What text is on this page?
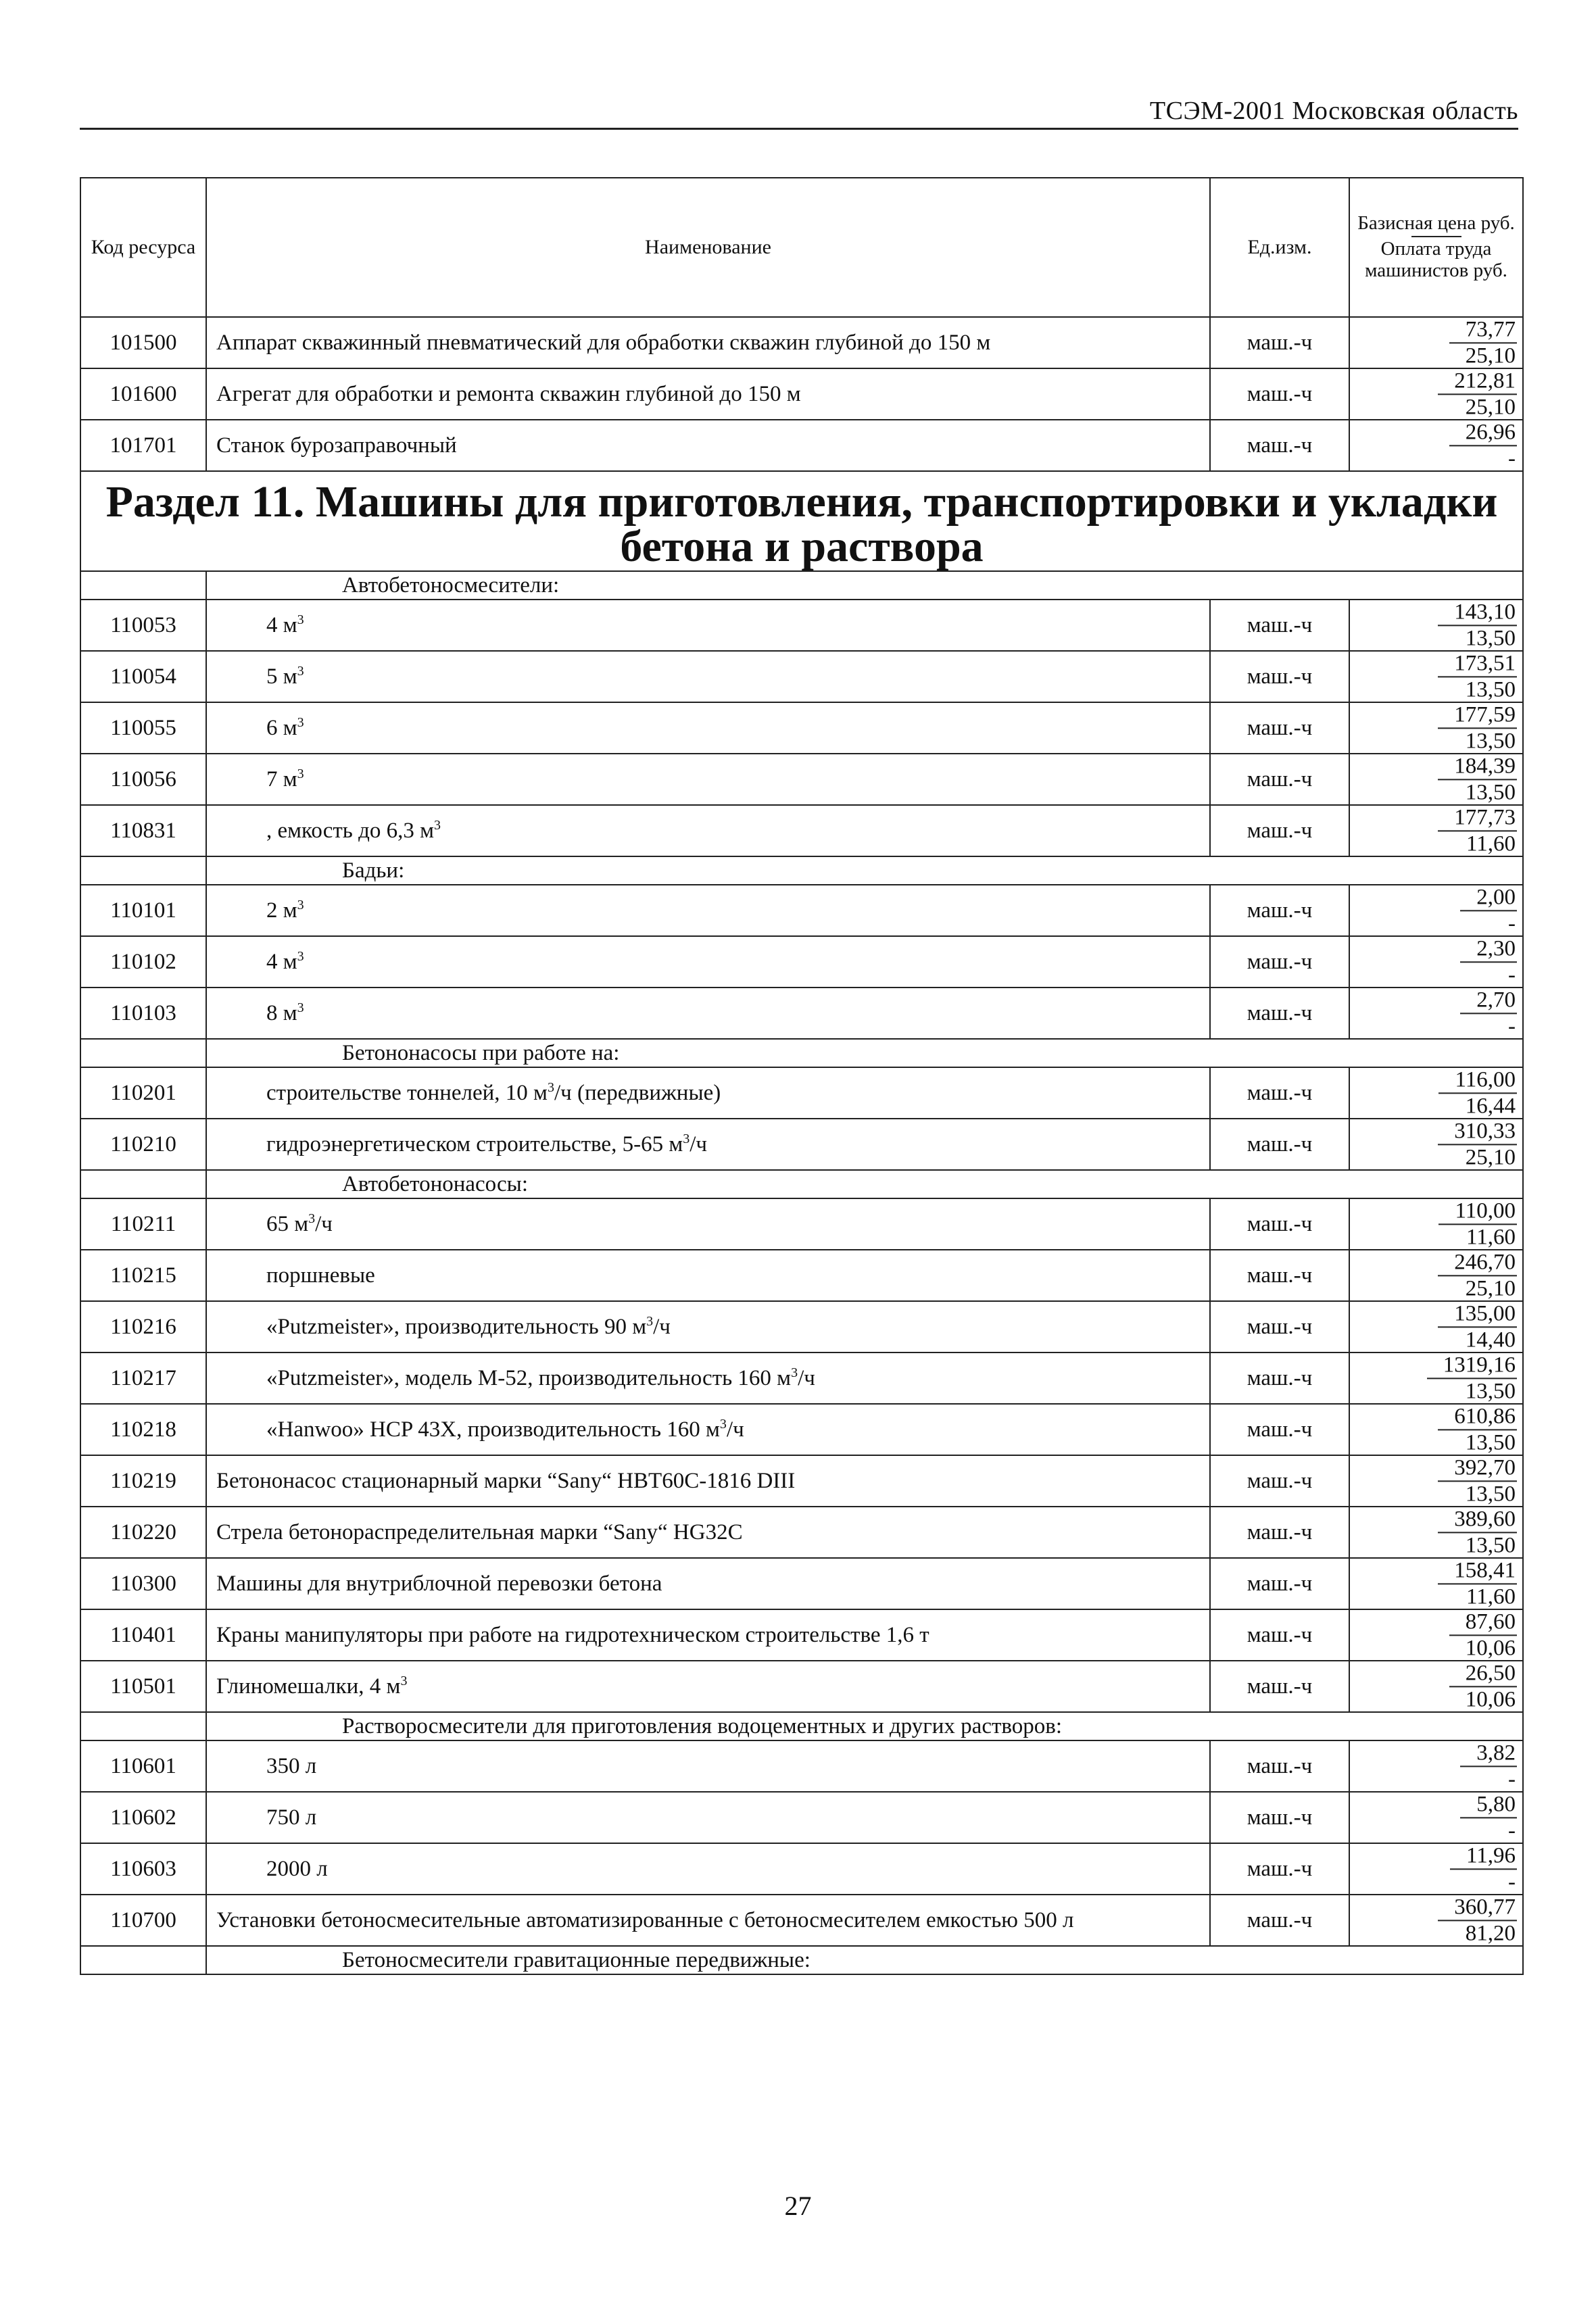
ТСЭМ-2001 Московская область
Код ресурса	Наименование	Ед.изм.	Базисная цена руб.
Оплата труда машинистов руб.
101500	Аппарат скважинный пневматический для обработки скважин глубиной до 150 м	маш.-ч	$\frac{73,77}{25,10}$

101600	Агрегат для обработки и ремонта скважин глубиной до 150 м	маш.-ч	$\frac{212,81}{25,10}$

101701	Станок бурозаправочный	маш.-ч	26,96
-

Раздел 11. Машины для приготовления, транспортировки и укладки
бетона и раствора			

	Автобетоносмесители:		
110053	4 $м^3$	маш.-ч	$\frac{143,10}{13,50}$

110054	5 $м^3$	маш.-ч	$\frac{173,51}{13,50}$

110055	6 $м^3$	маш.-ч	$\frac{177,59}{13,50}$

110056	7 $м^3$	маш.-ч	$\frac{184,39}{13,50}$

110831	, емкость до 6,3 $м^3$	маш.-ч	$\frac{177,73}{11,60}$

	Бадьи:		
110101	2 $м^3$	маш.-ч	2,00
-

110102	4 $м^3$	маш.-ч	2,30
-

110103	8 $м^3$	маш.-ч	2,70
-

	Бетононасосы при работе на:		
110201	строительстве тоннелей, 10 $м^3/ч$ (передвижные)	маш.-ч	$\frac{116,00}{16,44}$

110210	гидроэнергетическом строительстве, 5-65 $м^3/ч$	маш.-ч	$\frac{310,33}{25,10}$

	Автобетононасосы:		
110211	65 $м^3/ч$	маш.-ч	$\frac{110,00}{11,60}$

110215	поршневые	маш.-ч	$\frac{246,70}{25,10}$

110216	«Putzmeister», производительность 90 $м^3/ч$	маш.-ч	$\frac{135,00}{14,40}$

110217	«Putzmeister», модель М-52, производительность 160 $м^3/ч$	маш.-ч	$\frac{1319,16}{13,50}$

110218	«Hanwoo» HCP 43X, производительность 160 $м^3/ч$	маш.-ч	$\frac{610,86}{13,50}$

110219	Бетононасос стационарный марки “Sany“ HBT60C-1816 DIII	маш.-ч	$\frac{392,70}{13,50}$

110220	Стрела бетонораспределительная марки “Sany“ HG32C	маш.-ч	$\frac{389,60}{13,50}$

110300	Машины для внутриблочной перевозки бетона	маш.-ч	$\frac{158,41}{11,60}$

110401	Краны манипуляторы при работе на гидротехническом строительстве 1,6 т	маш.-ч	$\frac{87,60}{10,06}$

110501	Глиномешалки, 4 $м^3$	маш.-ч	$\frac{26,50}{10,06}$

	Растворосмесители для приготовления водоцементных и других растворов:		
110601	350 л	маш.-ч	3,82
-

110602	750 л	маш.-ч	5,80
-

110603	2000 л	маш.-ч	11,96
-

110700	Установки бетоносмесительные автоматизированные с бетоносмесителем емкостью 500 л	маш.-ч	$\frac{360,77}{81,20}$

	Бетоносмесители гравитационные передвижные:		
27
